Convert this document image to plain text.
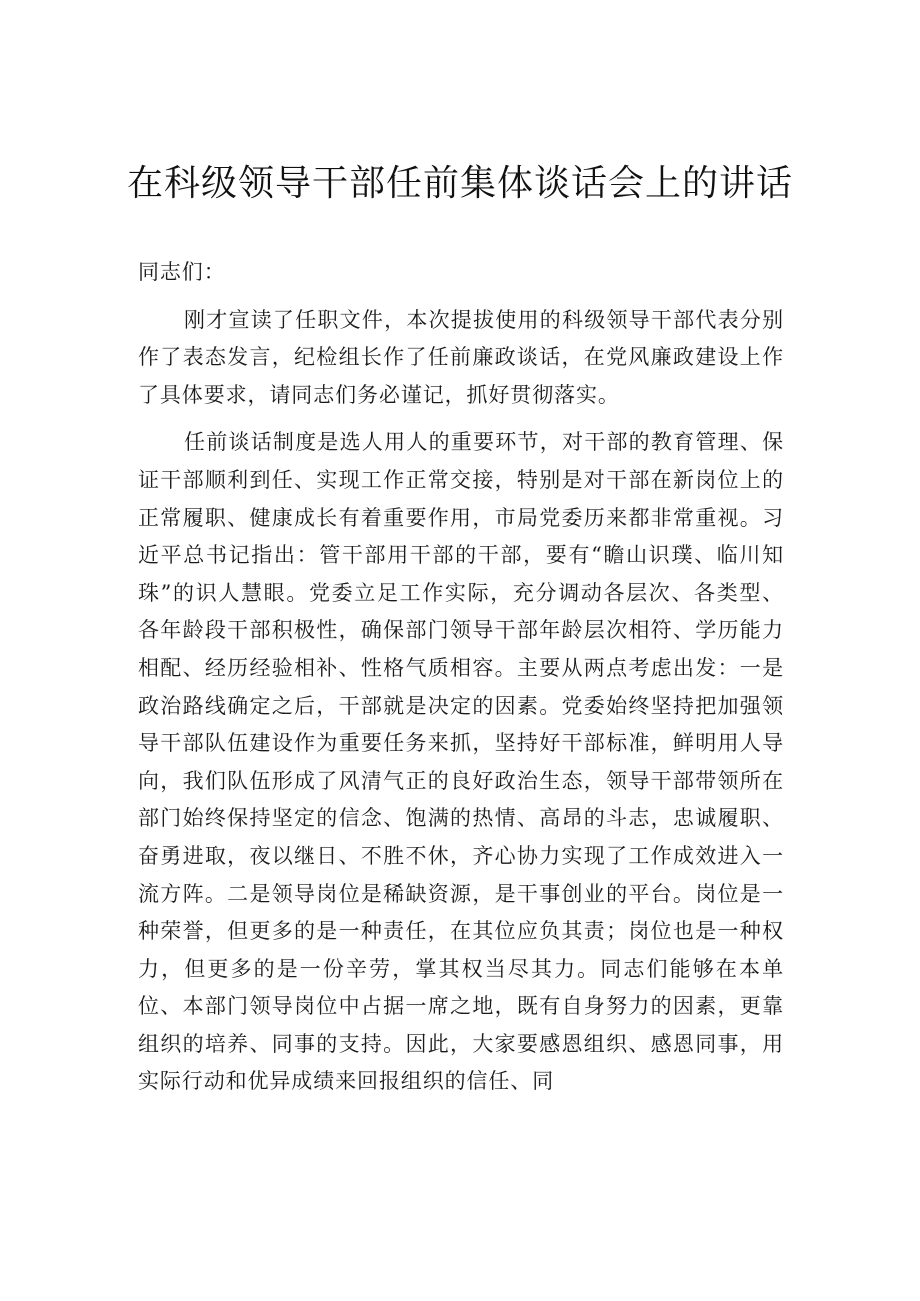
在科级领导干部任前集体谈话会上的讲话

同志们：

刚才宣读了任职文件，本次提拔使用的科级领导干部代表分别作了表态发言，纪检组长作了任前廉政谈话，在党风廉政建设上作了具体要求，请同志们务必谨记，抓好贯彻落实。

任前谈话制度是选人用人的重要环节，对干部的教育管理、保证干部顺利到任、实现工作正常交接，特别是对干部在新岗位上的正常履职、健康成长有着重要作用，市局党委历来都非常重视。习近平总书记指出：管干部用干部的干部，要有“瞻山识璞、临川知珠”的识人慧眼。党委立足工作实际，充分调动各层次、各类型、各年龄段干部积极性，确保部门领导干部年龄层次相符、学历能力相配、经历经验相补、性格气质相容。主要从两点考虑出发：一是政治路线确定之后，干部就是决定的因素。党委始终坚持把加强领导干部队伍建设作为重要任务来抓，坚持好干部标准，鲜明用人导向，我们队伍形成了风清气正的良好政治生态，领导干部带领所在部门始终保持坚定的信念、饱满的热情、高昂的斗志，忠诚履职、奋勇进取，夜以继日、不胜不休，齐心协力实现了工作成效进入一流方阵。二是领导岗位是稀缺资源，是干事创业的平台。岗位是一种荣誉，但更多的是一种责任，在其位应负其责；岗位也是一种权力，但更多的是一份辛劳，掌其权当尽其力。同志们能够在本单位、本部门领导岗位中占据一席之地，既有自身努力的因素，更靠组织的培养、同事的支持。因此，大家要感恩组织、感恩同事，用实际行动和优异成绩来回报组织的信任、同
